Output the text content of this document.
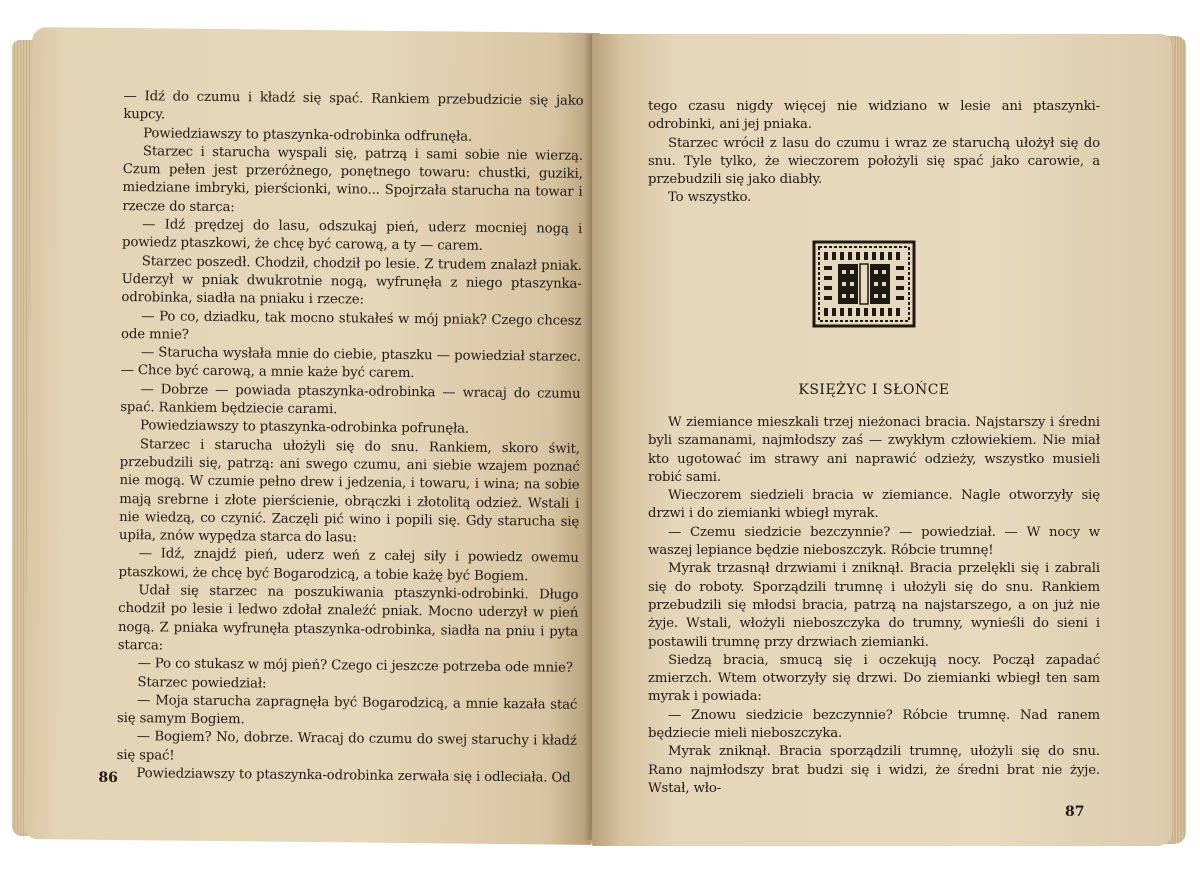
— Idź do czumu i kładź się spać. Rankiem przebudzicie się jako kupcy.

Powiedziawszy to ptaszynka-odrobinka odfrunęła.

Starzec i starucha wyspali się, patrzą i sami sobie nie wierzą. Czum pełen jest przeróżnego, ponętnego towaru: chustki, guziki, miedziane imbryki, pierścionki, wino... Spojrzała starucha na towar i rzecze do starca:

— Idź prędzej do lasu, odszukaj pień, uderz mocniej nogą i powiedz ptaszkowi, że chcę być carową, a ty — carem.

Starzec poszedł. Chodził, chodził po lesie. Z trudem znalazł pniak. Uderzył w pniak dwukrotnie nogą, wyfrunęła z niego ptaszynka-odrobinka, siadła na pniaku i rzecze:

— Po co, dziadku, tak mocno stukałeś w mój pniak? Czego chcesz ode mnie?

— Starucha wysłała mnie do ciebie, ptaszku — powiedział starzec. — Chce być carową, a mnie każe być carem.

— Dobrze — powiada ptaszynka-odrobinka — wracaj do czumu spać. Rankiem będziecie carami.

Powiedziawszy to ptaszynka-odrobinka pofrunęła.

Starzec i starucha ułożyli się do snu. Rankiem, skoro świt, przebudzili się, patrzą: ani swego czumu, ani siebie wzajem poznać nie mogą. W czumie pełno drew i jedzenia, i towaru, i wina; na sobie mają srebrne i złote pierścienie, obrączki i złotolitą odzież. Wstali i nie wiedzą, co czynić. Zaczęli pić wino i popili się. Gdy starucha się upiła, znów wypędza starca do lasu:

— Idź, znajdź pień, uderz weń z całej siły i powiedz owemu ptaszkowi, że chcę być Bogarodzicą, a tobie każę być Bogiem.

Udał się starzec na poszukiwania ptaszynki-odrobinki. Długo chodził po lesie i ledwo zdołał znaleźć pniak. Mocno uderzył w pień nogą. Z pniaka wyfrunęła ptaszynka-odrobinka, siadła na pniu i pyta starca:

— Po co stukasz w mój pień? Czego ci jeszcze potrzeba ode mnie?

Starzec powiedział:

— Moja starucha zapragnęła być Bogarodzicą, a mnie kazała stać się samym Bogiem.

— Bogiem? No, dobrze. Wracaj do czumu do swej staruchy i kładź się spać!

Powiedziawszy to ptaszynka-odrobinka zerwała się i odleciała. Od

86

tego czasu nigdy więcej nie widziano w lesie ani ptaszynki-odrobinki, ani jej pniaka.

Starzec wrócił z lasu do czumu i wraz ze staruchą ułożył się do snu. Tyle tylko, że wieczorem położyli się spać jako carowie, a przebudzili się jako diabły.

To wszystko.

KSIĘŻYC I SŁOŃCE

W ziemiance mieszkali trzej nieżonaci bracia. Najstarszy i średni byli szamanami, najmłodszy zaś — zwykłym człowiekiem. Nie miał kto ugotować im strawy ani naprawić odzieży, wszystko musieli robić sami.

Wieczorem siedzieli bracia w ziemiance. Nagle otworzyły się drzwi i do ziemianki wbiegł myrak.

— Czemu siedzicie bezczynnie? — powiedział. — W nocy w waszej lepiance będzie nieboszczyk. Róbcie trumnę!

Myrak trzasnął drzwiami i zniknął. Bracia przelękli się i zabrali się do roboty. Sporządzili trumnę i ułożyli się do snu. Rankiem przebudzili się młodsi bracia, patrzą na najstarszego, a on już nie żyje. Wstali, włożyli nieboszczyka do trumny, wynieśli do sieni i postawili trumnę przy drzwiach ziemianki.

Siedzą bracia, smucą się i oczekują nocy. Począł zapadać zmierzch. Wtem otworzyły się drzwi. Do ziemianki wbiegł ten sam myrak i powiada:

— Znowu siedzicie bezczynnie? Róbcie trumnę. Nad ranem będziecie mieli nieboszczyka.

Myrak zniknął. Bracia sporządzili trumnę, ułożyli się do snu. Rano najmłodszy brat budzi się i widzi, że średni brat nie żyje. Wstał, wło-

87
